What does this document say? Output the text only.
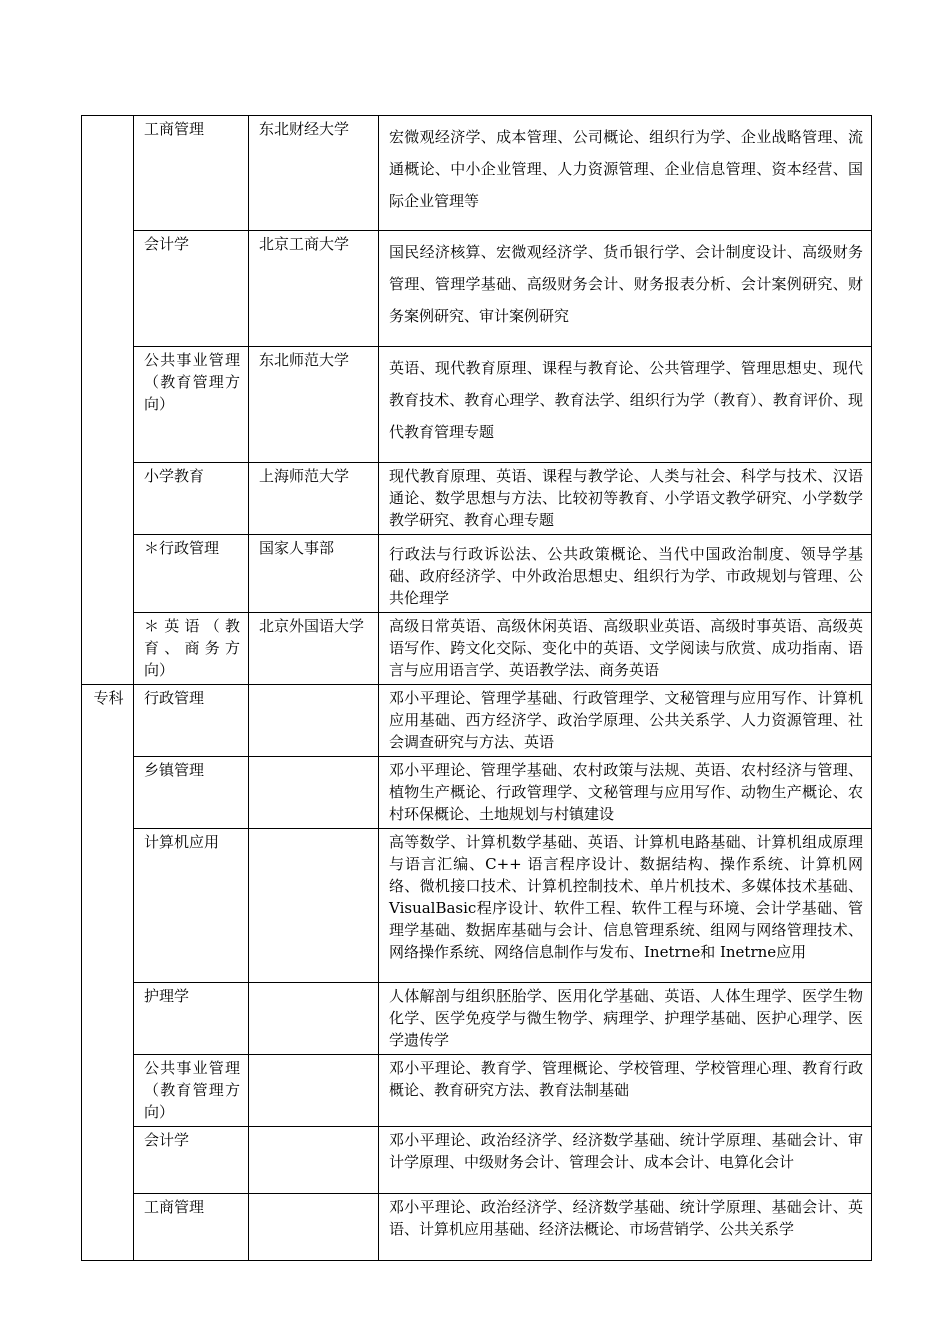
	工商管理	东北财经大学	宏微观经济学、成本管理、公司概论、组织行为学、企业战略管理、流通概论、中小企业管理、人力资源管理、企业信息管理、资本经营、国际企业管理等
	会计学	北京工商大学	国民经济核算、宏微观经济学、货币银行学、会计制度设计、高级财务管理、管理学基础、高级财务会计、财务报表分析、会计案例研究、财务案例研究、审计案例研究
	公共事业管理（教育管理方向）	东北师范大学	英语、现代教育原理、课程与教育论、公共管理学、管理思想史、现代教育技术、教育心理学、教育法学、组织行为学（教育）、教育评价、现代教育管理专题
	小学教育	上海师范大学	现代教育原理、英语、课程与教学论、人类与社会、科学与技术、汉语通论、数学思想与方法、比较初等教育、小学语文教学研究、小学数学教学研究、教育心理专题
	＊行政管理	国家人事部	行政法与行政诉讼法、公共政策概论、当代中国政治制度、领导学基础、政府经济学、中外政治思想史、组织行为学、市政规划与管理、公共伦理学
	＊英语（教育、商务方向）	北京外国语大学	高级日常英语、高级休闲英语、高级职业英语、高级时事英语、高级英语写作、跨文化交际、变化中的英语、文学阅读与欣赏、成功指南、语言与应用语言学、英语教学法、商务英语
专科	行政管理		邓小平理论、管理学基础、行政管理学、文秘管理与应用写作、计算机应用基础、西方经济学、政治学原理、公共关系学、人力资源管理、社会调查研究与方法、英语
	乡镇管理		邓小平理论、管理学基础、农村政策与法规、英语、农村经济与管理、植物生产概论、行政管理学、文秘管理与应用写作、动物生产概论、农村环保概论、土地规划与村镇建设
	计算机应用		高等数学、计算机数学基础、英语、计算机电路基础、计算机组成原理与语言汇编、C++ 语言程序设计、数据结构、操作系统、计算机网络、微机接口技术、计算机控制技术、单片机技术、多媒体技术基础、VisualBasic程序设计、软件工程、软件工程与环境、会计学基础、管理学基础、数据库基础与会计、信息管理系统、组网与网络管理技术、网络操作系统、网络信息制作与发布、Inetrne和 Inetrne应用
	护理学		人体解剖与组织胚胎学、医用化学基础、英语、人体生理学、医学生物化学、医学免疫学与微生物学、病理学、护理学基础、医护心理学、医学遗传学
	公共事业管理（教育管理方向）		邓小平理论、教育学、管理概论、学校管理、学校管理心理、教育行政概论、教育研究方法、教育法制基础
	会计学		邓小平理论、政治经济学、经济数学基础、统计学原理、基础会计、审计学原理、中级财务会计、管理会计、成本会计、电算化会计
	工商管理		邓小平理论、政治经济学、经济数学基础、统计学原理、基础会计、英语、计算机应用基础、经济法概论、市场营销学、公共关系学
